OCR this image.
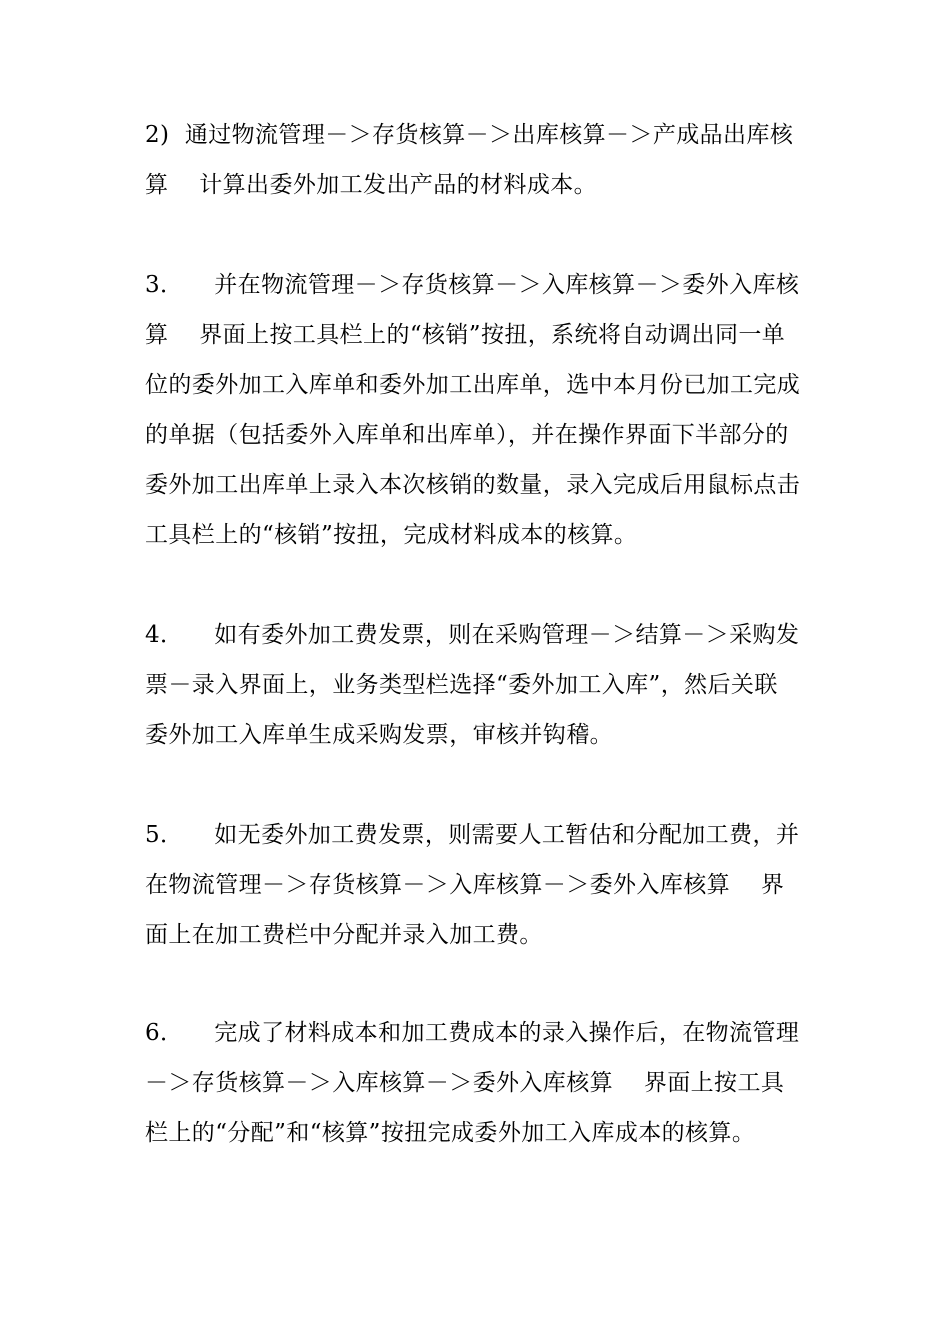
2)  通过物流管理－＞存货核算－＞出库核算－＞产成品出库核
算    计算出委外加工发出产品的材料成本。
3．    并在物流管理－＞存货核算－＞入库核算－＞委外入库核
算    界面上按工具栏上的“核销”按扭，系统将自动调出同一单
位的委外加工入库单和委外加工出库单，选中本月份已加工完成
的单据（包括委外入库单和出库单），并在操作界面下半部分的
委外加工出库单上录入本次核销的数量，录入完成后用鼠标点击
工具栏上的“核销”按扭，完成材料成本的核算。
4．    如有委外加工费发票，则在采购管理－＞结算－＞采购发
票－录入界面上，业务类型栏选择“委外加工入库”，然后关联
委外加工入库单生成采购发票，审核并钩稽。
5．    如无委外加工费发票，则需要人工暂估和分配加工费，并
在物流管理－＞存货核算－＞入库核算－＞委外入库核算    界
面上在加工费栏中分配并录入加工费。
6．    完成了材料成本和加工费成本的录入操作后，在物流管理
－＞存货核算－＞入库核算－＞委外入库核算    界面上按工具
栏上的“分配”和“核算”按扭完成委外加工入库成本的核算。
